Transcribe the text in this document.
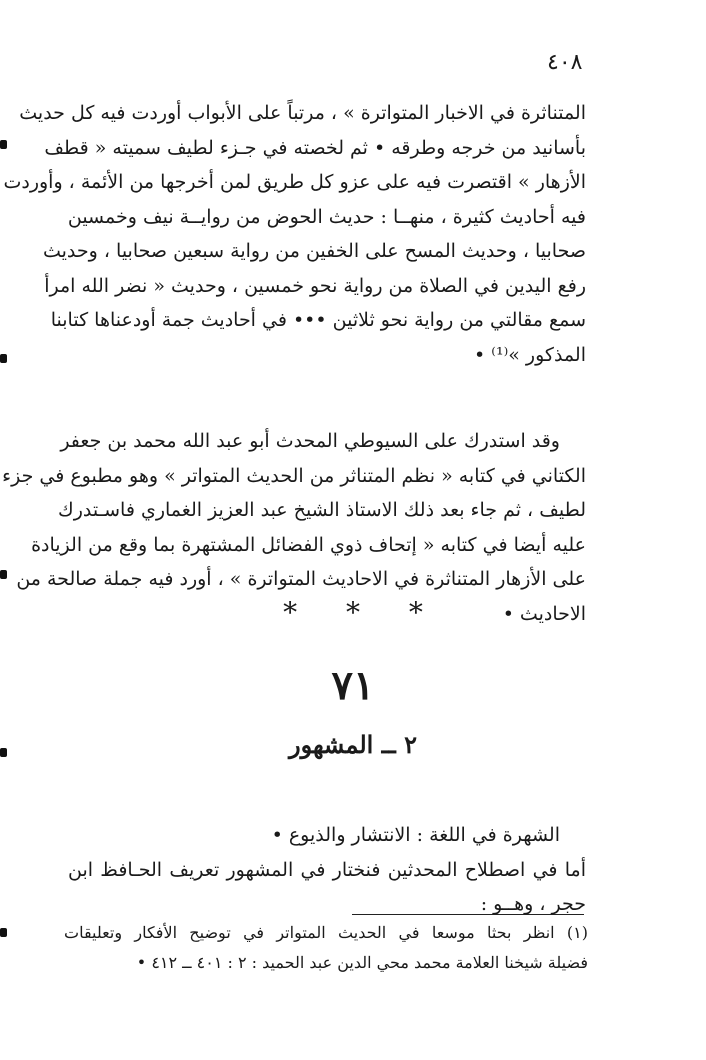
٤٠٨
المتناثرة في الاخبار المتواترة » ، مرتباً على الأبواب أوردت فيه كل حديث
بأسانيد من خرجه وطرقه • ثم لخصته في جـزء لطيف سميته « قطف
الأزهار » اقتصرت فيه على عزو كل طريق لمن أخرجها من الأئمة ، وأوردت
فيه أحاديث كثيرة ، منهــا : حديث الحوض من روايــة نيف وخمسين
صحابيا ، وحديث المسح على الخفين من رواية سبعين صحابيا ، وحديث
رفع اليدين في الصلاة من رواية نحو خمسين ، وحديث « نضر الله امرأ
سمع مقالتي من رواية نحو ثلاثين ••• في أحاديث جمة أودعناها كتابنا
المذكور »⁽¹⁾ •
وقد استدرك على السيوطي المحدث أبو عبد الله محمد بن جعفر
الكتاني في كتابه « نظم المتناثر من الحديث المتواتر » وهو مطبوع في جزء
لطيف ، ثم جاء بعد ذلك الاستاذ الشيخ عبد العزيز الغماري فاسـتدرك
عليه أيضا في كتابه « إتحاف ذوي الفضائل المشتهرة بما وقع من الزيادة
على الأزهار المتناثرة في الاحاديث المتواترة » ، أورد فيه جملة صالحة من
الاحاديث •
* * *
٧١
٢ ــ المشهور
الشهرة في اللغة : الانتشار والذيوع •
أما في اصطلاح المحدثين فنختار في المشهور تعريف الحـافظ ابن
حجر ، وهــو :
(١) انظر بحثا موسعا في الحديث المتواتر في توضيح الأفكار وتعليقات
فضيلة شيخنا العلامة محمد محي الدين عبد الحميد : ٢ : ٤٠١ ــ ٤١٢ •
